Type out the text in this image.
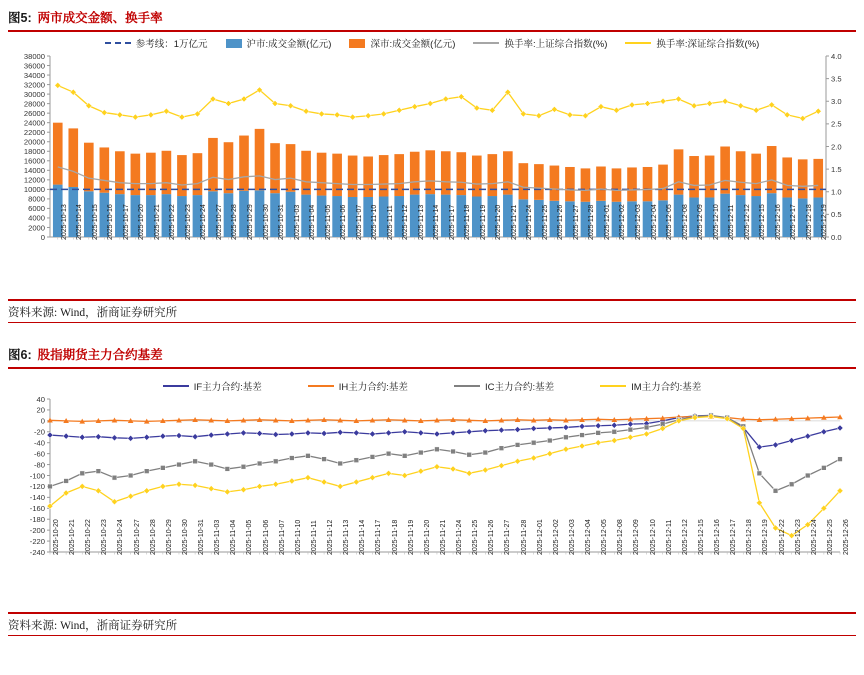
图5: 两市成交金额、换手率
参考线：1万亿元	沪市:成交金额(亿元)	深市:成交金额(亿元)	换手率:上证综合指数(%)	换手率:深证综合指数(%)
0
2000
4000
6000
8000
10000
12000
14000
16000
18000
20000
22000
24000
26000
28000
30000
32000
34000
36000
38000
0.0
0.5
1.0
1.5
2.0
2.5
3.0
3.5
4.0
2025-10-13 2025-10-14 2025-10-15 2025-10-16 2025-10-17 2025-10-20 2025-10-21 2025-10-22 2025-10-23 2025-10-24 2025-10-27 2025-10-28 2025-10-29 2025-10-30 2025-10-31 2025-11-03 2025-11-04 2025-11-05 2025-11-06 2025-11-07 2025-11-10 2025-11-11 2025-11-12 2025-11-13 2025-11-14 2025-11-17 2025-11-18 2025-11-19 2025-11-20 2025-11-21 2025-11-24 2025-11-25 2025-11-26 2025-11-27 2025-11-28 2025-12-01 2025-12-02 2025-12-03 2025-12-04 2025-12-05 2025-12-08 2025-12-09 2025-12-10 2025-12-11 2025-12-12 2025-12-15 2025-12-16 2025-12-17 2025-12-18 2025-12-19
资料来源: Wind，浙商证券研究所
图6: 股指期货主力合约基差
IF主力合约:基差	IH主力合约:基差	IC主力合约:基差	IM主力合约:基差
40
20
0
-20
-40
-60
-80
-100
-120
-140
-160
-180
-200
-220
-240 2025-10-20 2025-10-21 2025-10-22 2025-10-23 2025-10-24 2025-10-27 2025-10-28 2025-10-29 2025-10-30 2025-10-31 2025-11-03 2025-11-04 2025-11-05 2025-11-06 2025-11-07 2025-11-10 2025-11-11 2025-11-12 2025-11-13 2025-11-14 2025-11-17 2025-11-18 2025-11-19 2025-11-20 2025-11-21 2025-11-24 2025-11-25 2025-11-26 2025-11-27 2025-11-28 2025-12-01 2025-12-02 2025-12-03 2025-12-04 2025-12-05 2025-12-08 2025-12-09 2025-12-10 2025-12-11 2025-12-12 2025-12-15 2025-12-16 2025-12-17 2025-12-18 2025-12-19 2025-12-22 2025-12-23 2025-12-24 2025-12-25 2025-12-26
资料来源: Wind，浙商证券研究所
